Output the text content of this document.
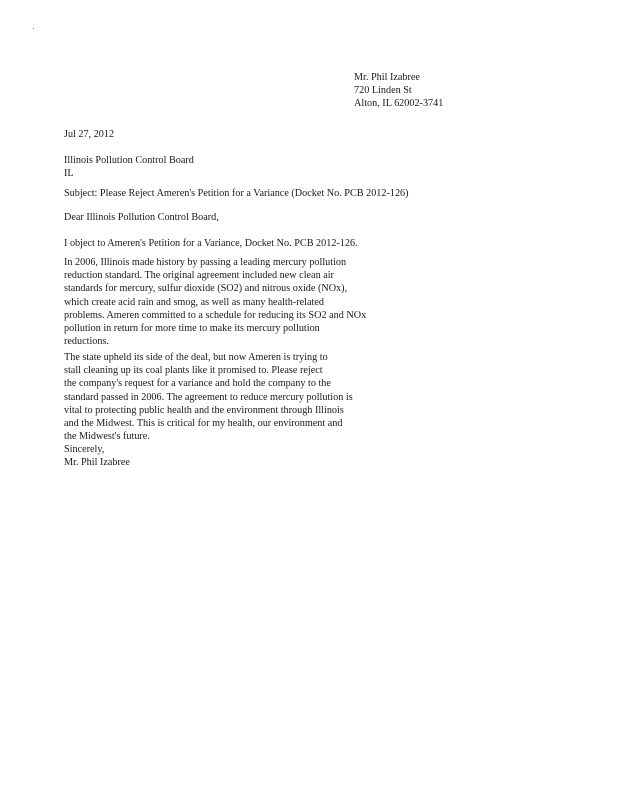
Mr. Phil Izabree
720 Linden St
Alton, IL 62002-3741
Jul 27, 2012
Illinois Pollution Control Board
IL
Subject: Please Reject Ameren's Petition for a Variance (Docket No. PCB 2012-126)
Dear Illinois Pollution Control Board,
I object to Ameren's Petition for a Variance, Docket No. PCB 2012-126.
In 2006, Illinois made history by passing a leading mercury pollution
reduction standard. The original agreement included new clean air
standards for mercury, sulfur dioxide (SO2) and nitrous oxide (NOx),
which create acid rain and smog, as well as many health-related
problems. Ameren committed to a schedule for reducing its SO2 and NOx
pollution in return for more time to make its mercury pollution
reductions.
The state upheld its side of the deal, but now Ameren is trying to
stall cleaning up its coal plants like it promised to. Please reject
the company's request for a variance and hold the company to the
standard passed in 2006. The agreement to reduce mercury pollution is
vital to protecting public health and the environment through Illinois
and the Midwest. This is critical for my health, our environment and
the Midwest's future.
Sincerely,
Mr. Phil Izabree
